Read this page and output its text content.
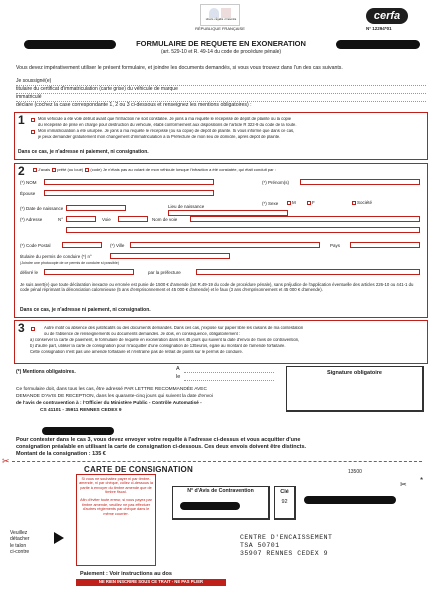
Liberté • Égalité • Fraternité
RÉPUBLIQUE FRANÇAISE
cerfa
N° 12294*01
FORMULAIRE DE REQUETE EN EXONERATION
(art. 529-10 et R. 49-14 du code de procédure pénale)
Vous devez impérativement utiliser le présent formulaire, et joindre les documents demandés, si vous vous trouvez dans l'un des cas suivants.
Je soussigné(e)
titulaire du certificat d'immatriculation (carte grise) du véhicule de marque
immatriculé
déclare (cochez la case correspondante 1, 2 ou 3 ci-dessous et renseignez les mentions obligatoires) :
1	Mon véhicule a été volé détruit avant que l'infraction ne soit constatée. Je joins à ma requête le récépissé de dépôt de plainte ou la copie
du récépissé de prise en charge pour destruction du véhicule, établi conformément aux dispositions de l'article R 322-9 du code de la route.
Mon immatriculation a été usurpée. Je joins à ma requête le récépissé (ou sa copie) de dépôt de plainte. Si vous informé que dans ce cas,
je peux demander gratuitement mon changement d'immatriculation à la Préfecture de mon lieu de domicile, après dépôt de plainte.
Dans ce cas, je n'adresse ni paiement, ni consignation.
2	J'avais prêté (ou loué) (code) Je n'étais pas au volant de mon véhicule lorsque l'infraction a été constatée, qui était conduit par :
(*) NOM	(*) Prénom(s)
Épouse
(*) Sexe	M	F	Société
(*) Date de naissance	Lieu de naissance
(*) Adresse	N°	Voie	Nom de voie
(*) Code Postal	(*) Ville	Pays
titulaire du permis de conduire (*) n°
(Joindre une photocopie de ce permis de conduire si possible)
délivré le	par la préfecture
Je suis avert(e) que toute déclaration inexacte ou erronée est punie de 1500 € d'amende (art R.49-19 du code de procédure pénale), sans préjudice de l'application éventuelle des articles 226-10 ou 441-1 du code pénal réprimant la dénonciation calomnieuse (5 ans d'emprisonnement et 45 000 € d'amende) et le faux (3 ans d'emprisonnement et 45 000 € d'amende).
Dans ce cas, je n'adresse ni paiement, ni consignation.
3	Autre motif ou absence des justificatifs ou des documents demandés. Dans ces cas, j'expose sur papier libre les raisons de ma contestation
ou de l'absence de renseignements ou documents demandés. Je dois, en conséquence, obligatoirement :
a) conserver la carte de paiement, le formulaire de requête en exonération dans les 45 jours qui suivent la date d'envoi de l'avis de contravention,
b) d'autre part, utiliser la carte de consignation pour m'acquitter d'une consignation de 135euros, égale au montant de l'amende forfaitaire.
Cette consignation n'est pas une amende forfaitaire et n'entraîne pas de retrait de points sur le permis de conduire.
(*) Mentions obligatoires.	A
le
Signature obligatoire
Ce formulaire doit, dans tous les cas, être adressé PAR LETTRE RECOMMANDÉE AVEC
DEMANDE D'AVIS DE RECEPTION, dans les quarante-cinq jours qui suivent la date d'envoi
de l'avis de contravention à : l'Officier du Ministère Public - Contrôle Automatisé -
CS 41101 - 35911 RENNES CEDEX 9
Pour contester dans le cas 3, vous devez envoyer votre requête à l'adresse ci-dessus et vous acquitter d'une
consignation préalable en utilisant la carte de consignation ci-dessous. Ces deux envois doivent être distincts.
Montant de la consignation : 135 €
✂
✂ *
CARTE DE CONSIGNATION	13500
Si vous ne souhaitez payer ni par timbre-amende, ni par chèque, collez ci-dessous la partie à envoyer du timbre amende que de timbre fiscal.
Afin d'éviter toute erreur, si vous payez par timbre amende, veuillez ne pas effectuer d'autres règlements par chèque dans le même courrier.
N° d'Avis de Contravention	Clé
92
CENTRE D'ENCAISSEMENT
TSA 50701
35907 RENNES CEDEX 9
Veuillez
détacher
le talon
ci-contre
Paiement : Voir instructions au dos
NE RIEN INSCRIRE SOUS CE TRAIT - NE PAS PLIER
